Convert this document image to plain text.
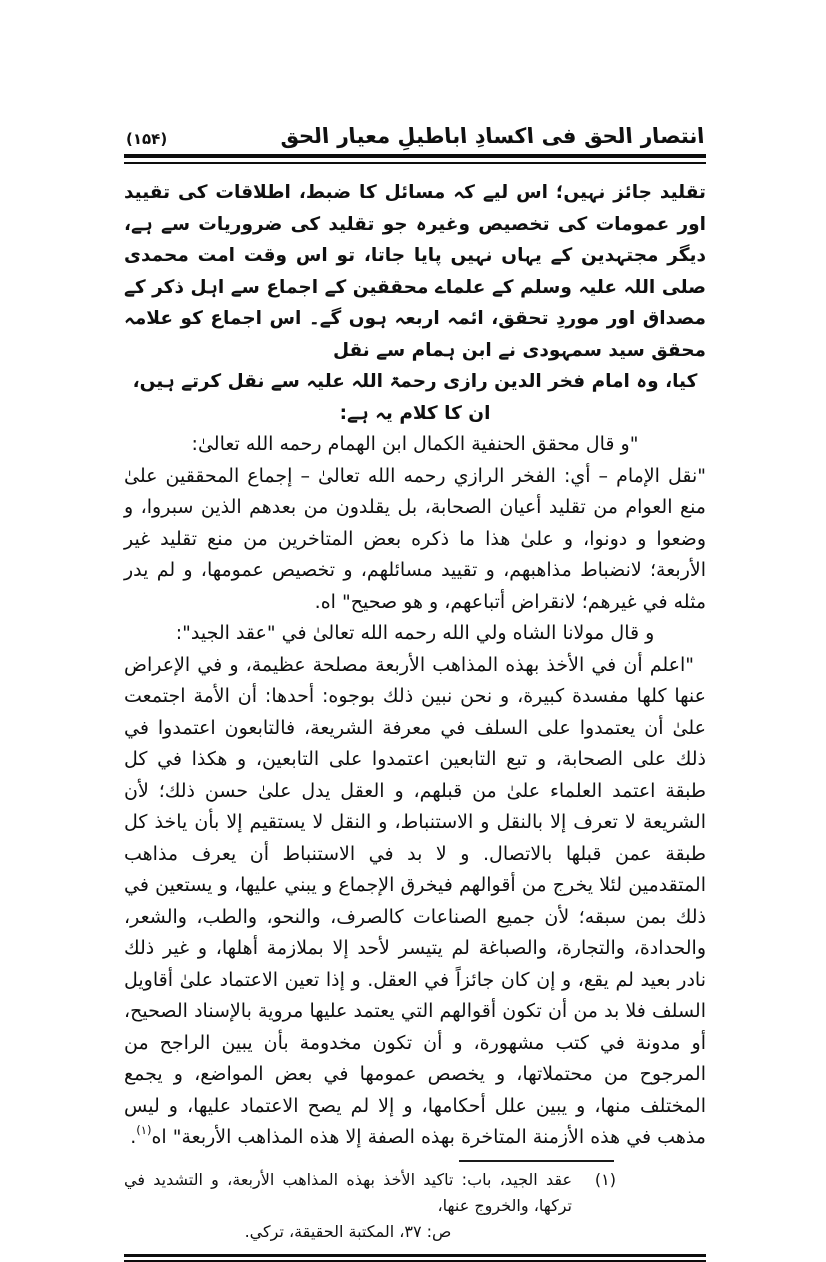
انتصار الحق فی اکسادِ اباطیلِ معیار الحق
(۱۵۴)

تقلید جائز نہیں؛ اس لیے کہ مسائل کا ضبط، اطلاقات کی تقیید اور عمومات کی تخصیص وغیرہ جو تقلید کی ضروریات سے ہے، دیگر مجتہدین کے یہاں نہیں پایا جاتا، تو اس وقت امت محمدی صلی اللہ علیہ وسلم کے علماے محققین کے اجماع سے اہل ذکر کے مصداق اور موردِ تحقق، ائمہ اربعہ ہوں گے۔ اس اجماع کو علامہ محقق سید سمہودی نے ابن ہمام سے نقل

کیا، وہ امام فخر الدین رازی رحمۃ اللہ علیہ سے نقل کرتے ہیں، ان کا کلام یہ ہے:

"و قال محقق الحنفية الكمال ابن الهمام رحمه الله تعالىٰ:

"نقل الإمام – أي: الفخر الرازي رحمه الله تعالىٰ – إجماع المحققين علىٰ منع العوام من تقليد أعيان الصحابة، بل يقلدون من بعدهم الذين سبروا، و وضعوا و دونوا، و علىٰ هذا ما ذكره بعض المتاخرين من منع تقليد غير الأربعة؛ لانضباط مذاهبهم، و تقييد مسائلهم، و تخصيص عمومها، و لم يدر مثله في غيرهم؛ لانقراض أتباعهم، و هو صحيح" اه.

و قال مولانا الشاه ولي الله رحمه الله تعالىٰ في "عقد الجيد":

"اعلم أن في الأخذ بهذه المذاهب الأربعة مصلحة عظيمة، و في الإعراض عنها كلها مفسدة كبيرة، و نحن نبين ذلك بوجوه: أحدها: أن الأمة اجتمعت علىٰ أن يعتمدوا على السلف في معرفة الشريعة، فالتابعون اعتمدوا في ذلك على الصحابة، و تبع التابعين اعتمدوا على التابعين، و هكذا في كل طبقة اعتمد العلماء علىٰ من قبلهم، و العقل يدل علىٰ حسن ذلك؛ لأن الشريعة لا تعرف إلا بالنقل و الاستنباط، و النقل لا يستقيم إلا بأن ياخذ كل طبقة عمن قبلها بالاتصال. و لا بد في الاستنباط أن يعرف مذاهب المتقدمين لئلا يخرج من أقوالهم فيخرق الإجماع و يبني عليها، و يستعين في ذلك بمن سبقه؛ لأن جميع الصناعات كالصرف، والنحو، والطب، والشعر، والحدادة، والتجارة، والصباغة لم يتيسر لأحد إلا بملازمة أهلها، و غير ذلك نادر بعيد لم يقع، و إن كان جائزاً في العقل. و إذا تعين الاعتماد علىٰ أقاويل السلف فلا بد من أن تكون أقوالهم التي يعتمد عليها مروية بالإسناد الصحيح، أو مدونة في كتب مشهورة، و أن تكون مخدومة بأن يبين الراجح من المرجوح من محتملاتها، و يخصص عمومها في بعض المواضع، و يجمع المختلف منها، و يبين علل أحكامها، و إلا لم يصح الاعتماد عليها، و ليس مذهب في هذه الأزمنة المتاخرة بهذه الصفة إلا هذه المذاهب الأربعة" اه$^{(١)}$.

(١)
عقد الجيد، باب: تاكيد الأخذ بهذه المذاهب الأربعة، و التشديد في تركها، والخروج عنها،
ص: ٣٧، المكتبة الحقيقة، تركي.
